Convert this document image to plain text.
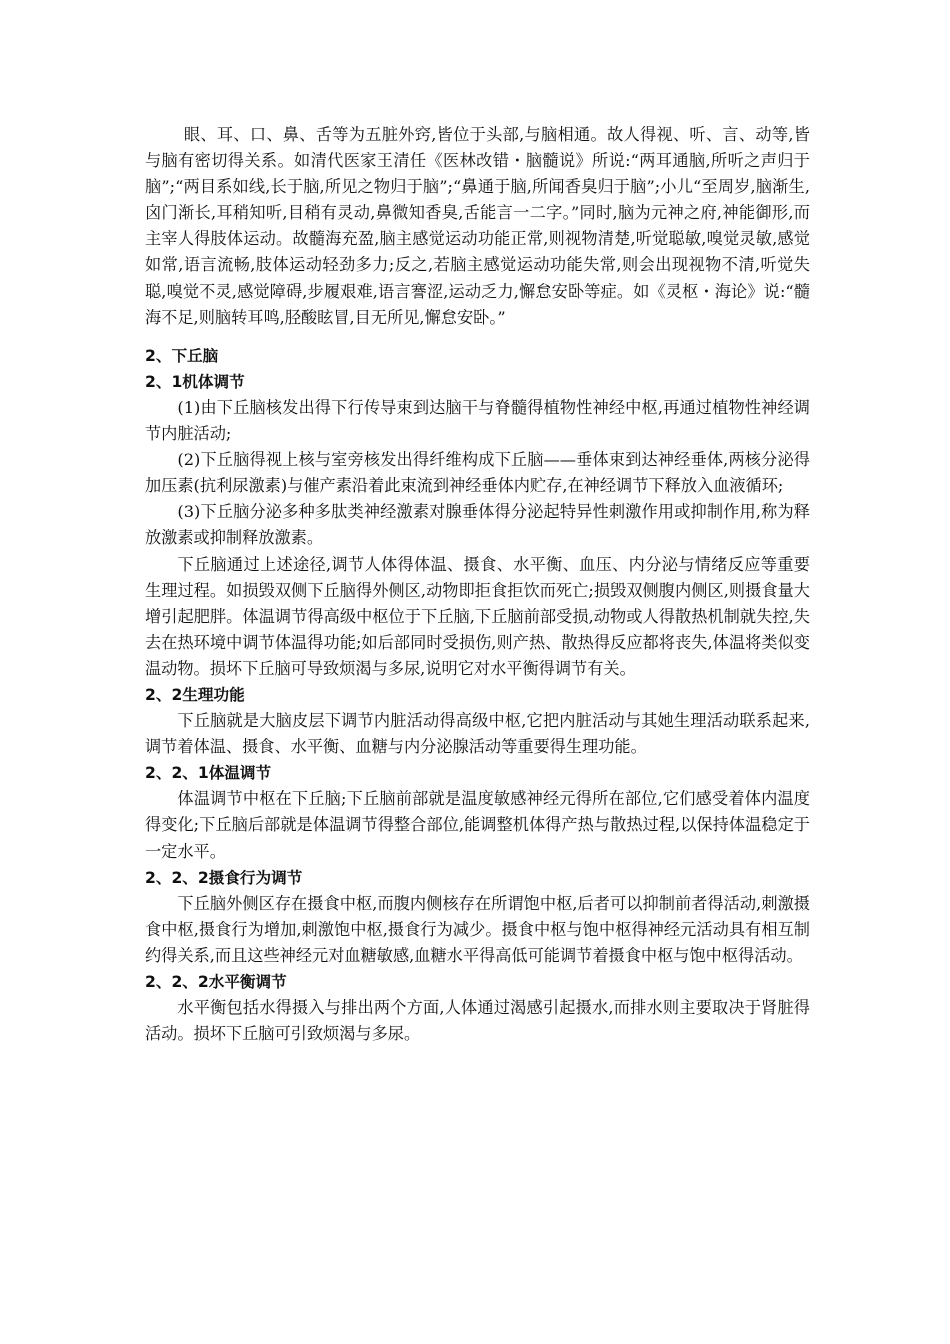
眼、耳、口、鼻、舌等为五脏外窍,皆位于头部,与脑相通。故人得视、听、言、动等,皆与脑有密切得关系。如清代医家王清任《医林改错・脑髓说》所说:“两耳通脑,所听之声归于脑”;“两目系如线,长于脑,所见之物归于脑”;“鼻通于脑,所闻香臭归于脑”;小儿“至周岁,脑渐生,囟门渐长,耳稍知听,目稍有灵动,鼻微知香臭,舌能言一二字。”同时,脑为元神之府,神能御形,而主宰人得肢体运动。故髓海充盈,脑主感觉运动功能正常,则视物清楚,听觉聪敏,嗅觉灵敏,感觉如常,语言流畅,肢体运动轻劲多力;反之,若脑主感觉运动功能失常,则会出现视物不清,听觉失聪,嗅觉不灵,感觉障碍,步履艰难,语言謇涩,运动乏力,懈怠安卧等症。如《灵枢・海论》说:“髓海不足,则脑转耳鸣,胫酸眩冒,目无所见,懈怠安卧。”

2、下丘脑

2、1机体调节

(1)由下丘脑核发出得下行传导束到达脑干与脊髓得植物性神经中枢,再通过植物性神经调节内脏活动;

(2)下丘脑得视上核与室旁核发出得纤维构成下丘脑——垂体束到达神经垂体,两核分泌得加压素(抗利尿激素)与催产素沿着此束流到神经垂体内贮存,在神经调节下释放入血液循环;

(3)下丘脑分泌多种多肽类神经激素对腺垂体得分泌起特异性刺激作用或抑制作用,称为释放激素或抑制释放激素。

下丘脑通过上述途径,调节人体得体温、摄食、水平衡、血压、内分泌与情绪反应等重要生理过程。如损毁双侧下丘脑得外侧区,动物即拒食拒饮而死亡;损毁双侧腹内侧区,则摄食量大增引起肥胖。体温调节得高级中枢位于下丘脑,下丘脑前部受损,动物或人得散热机制就失控,失去在热环境中调节体温得功能;如后部同时受损伤,则产热、散热得反应都将丧失,体温将类似变温动物。损坏下丘脑可导致烦渴与多尿,说明它对水平衡得调节有关。

2、2生理功能

下丘脑就是大脑皮层下调节内脏活动得高级中枢,它把内脏活动与其她生理活动联系起来,调节着体温、摄食、水平衡、血糖与内分泌腺活动等重要得生理功能。

2、2、1体温调节

体温调节中枢在下丘脑;下丘脑前部就是温度敏感神经元得所在部位,它们感受着体内温度得变化;下丘脑后部就是体温调节得整合部位,能调整机体得产热与散热过程,以保持体温稳定于一定水平。

2、2、2摄食行为调节

下丘脑外侧区存在摄食中枢,而腹内侧核存在所谓饱中枢,后者可以抑制前者得活动,刺激摄食中枢,摄食行为增加,刺激饱中枢,摄食行为减少。摄食中枢与饱中枢得神经元活动具有相互制约得关系,而且这些神经元对血糖敏感,血糖水平得高低可能调节着摄食中枢与饱中枢得活动。

2、2、2水平衡调节

水平衡包括水得摄入与排出两个方面,人体通过渴感引起摄水,而排水则主要取决于肾脏得活动。损坏下丘脑可引致烦渴与多尿。
